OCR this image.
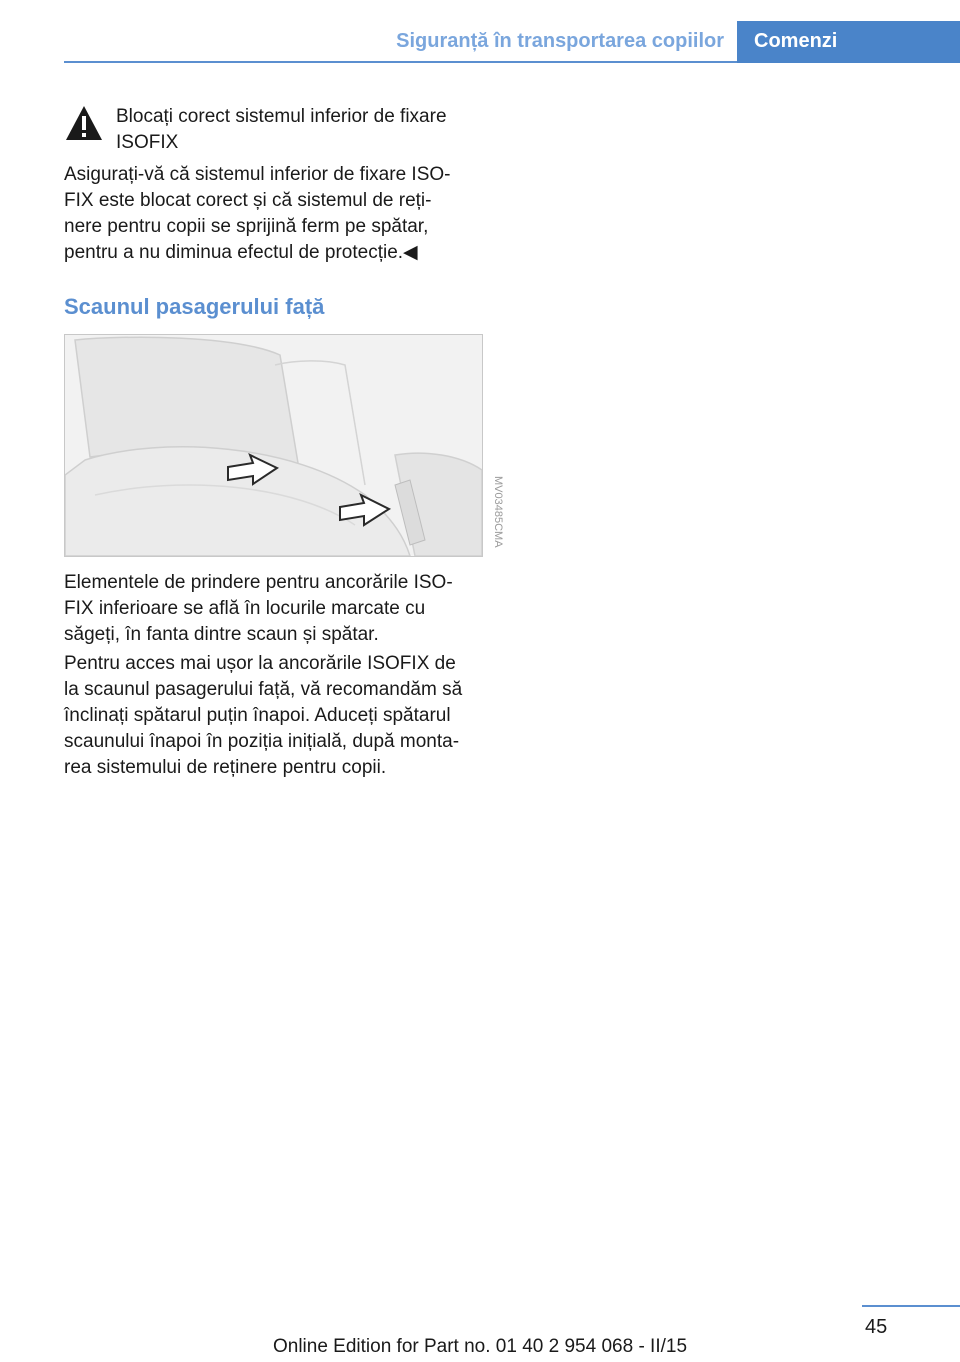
Siguranță în transportarea copiilor Comenzi
Blocați corect sistemul inferior de fixare
ISOFIX
Asigurați-vă că sistemul inferior de fixare ISO‐
FIX este blocat corect și că sistemul de reți‐
nere pentru copii se sprijină ferm pe spătar,
pentru a nu diminua efectul de protecție.◀
Scaunul pasagerului față
MV03485CMA
Elementele de prindere pentru ancorările ISO‐
FIX inferioare se află în locurile marcate cu
săgeți, în fanta dintre scaun și spătar.
Pentru acces mai ușor la ancorările ISOFIX de
la scaunul pasagerului față, vă recomandăm să
înclinați spătarul puțin înapoi. Aduceți spătarul
scaunului înapoi în poziția inițială, după monta‐
rea sistemului de reținere pentru copii.
45
Online Edition for Part no. 01 40 2 954 068 - II/15
